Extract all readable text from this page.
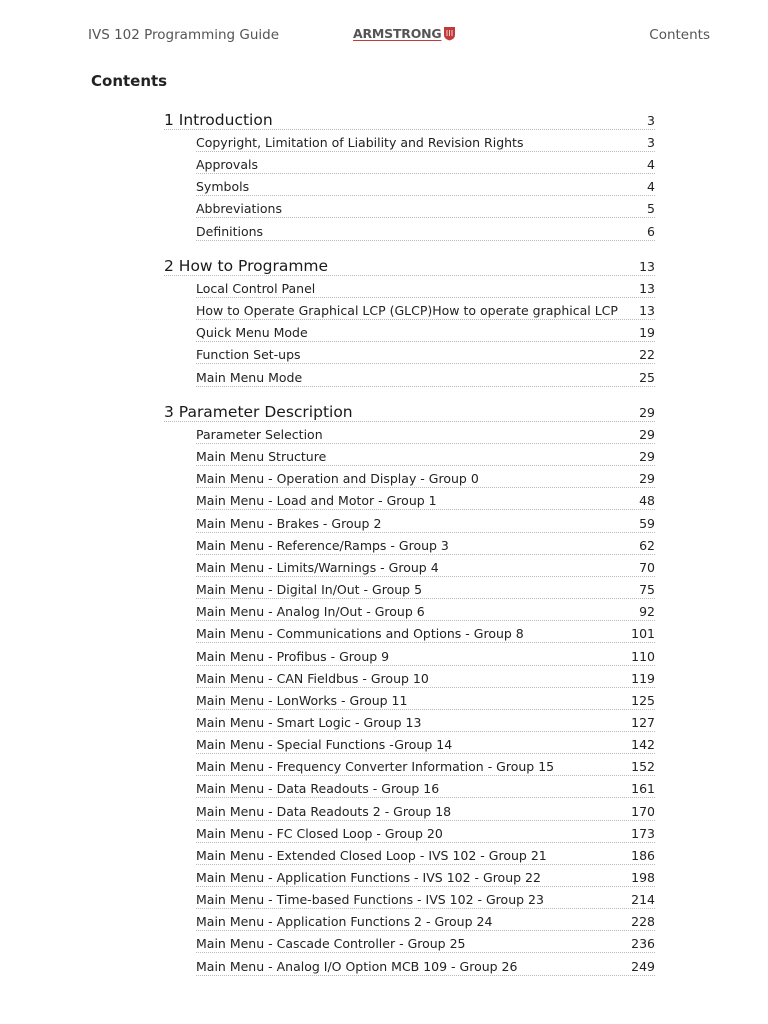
IVS 102 Programming Guide	ARMSTRONG	Contents
Contents
1 Introduction	3
Copyright, Limitation of Liability and Revision Rights	3
Approvals	4
Symbols	4
Abbreviations	5
Definitions	6
2 How to Programme	13
Local Control Panel	13
How to Operate Graphical LCP (GLCP)How to operate graphical LCP 13
Quick Menu Mode	19
Function Set-ups	22
Main Menu Mode	25
3 Parameter Description	29
Parameter Selection	29
Main Menu Structure	29
Main Menu - Operation and Display - Group 0	29
Main Menu - Load and Motor - Group 1	48
Main Menu - Brakes - Group 2	59
Main Menu - Reference/Ramps - Group 3	62
Main Menu - Limits/Warnings - Group 4	70
Main Menu - Digital In/Out - Group 5	75
Main Menu - Analog In/Out - Group 6	92
Main Menu - Communications and Options - Group 8	101
Main Menu - Profibus - Group 9	110
Main Menu - CAN Fieldbus - Group 10	119
Main Menu - LonWorks - Group 11	125
Main Menu - Smart Logic - Group 13	127
Main Menu - Special Functions -Group 14	142
Main Menu - Frequency Converter Information - Group 15	152
Main Menu - Data Readouts - Group 16	161
Main Menu - Data Readouts 2 - Group 18	170
Main Menu - FC Closed Loop - Group 20	173
Main Menu - Extended Closed Loop - IVS 102 - Group 21	186
Main Menu - Application Functions - IVS 102 - Group 22	198
Main Menu - Time-based Functions - IVS 102 - Group 23	214
Main Menu - Application Functions 2 - Group 24	228
Main Menu - Cascade Controller - Group 25	236
Main Menu - Analog I/O Option MCB 109 - Group 26	249
